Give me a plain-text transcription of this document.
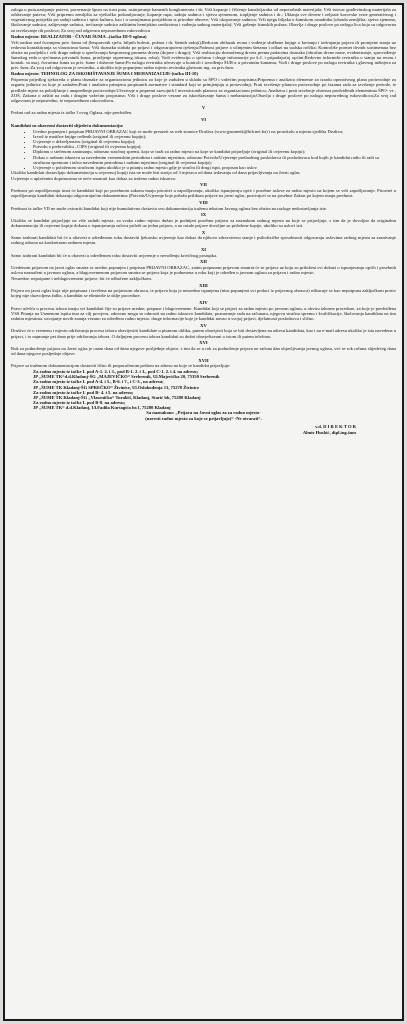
zaloga u putu,nasipanje puteva, poravnanje špura na trasi puta, usitnjavanje kamenih konglomerata i dr; Vrši kopanje i čišćenje kanala/jaraka od nepotrebnih materijala; Vrši istovar građevinskog materijala za održavanje puteva; Vrši pripremu zemljišta za vještačko pošumljavanje, kopanje rupa, sadnju sadnica i sjetvu sjemenom, trapljenje sadnica i dr.; Uklanja sve drvene i zeljaste korovske vrste generativnog i vegetativnog porijekla pri sadnji sadnica i njezi kultura, kao i u sastojinama porijeklom iz prirodne obnove; Vrši okopavanje sadnica; Vrši njegu biljaka u šumskom rasadniku (obrada zemljišta, sjetva sjemena, školovanje sadnica, zalijevanje sadnica, trećiranje sadnica zaštitnim hemijskim sredstvima i vađenja sadnog materijala); Vrši gašenje šumskih požara; Obavlja i druge poslove po nalogu lica koja su odgovorna za izvršavanje tih poslova; Za svoj rad odgovara neposrednom rukovodiocu

Radno mjesto: REALIZATOR - ČUVAR ŠUMA –(tačka III-9 oglasa)

Vrši nadzor nad čuvanjem priv. šuma od (bespravnih sječa, biljnih bolesti, požara i dr. štetnih radnji),Redovan obilazak reona i vođenje službene knjige o kretanju i izdvajanju pojava ili promjene stanja uz redovna kontaktiranja sa vlasnicima šuma; Vrši doznaku stabala po prijavi i odgovarajućem rješenju;Podnosi prijave o učinjenim štetama i odlazi na sudska ročišta; Kontroliše promet drvnih sortimenata bez obzira na porijeklo i vrši druge radnje u sprečavanju bespravnog prometa drveta (dojave i drugo); Vrši realizaciju doznačenog drveta prema podacima doznaka (obračun drvne mase, evidentiranje, sprovođenje šumskog reda u sjećinama privatnih šuma, pravljenje otpremnog iskaza, robu); Vodi evidenciju o sječama i druge informacije po k.č. i pripadajućoj općini;Redovno informiše revirnika o stanju na reonu i kontak. sa usuj. čuvarima šuma za priv. šume i državne šume;Po nalogu revirnika učestvuje u kontroli i izvođenju ŠUR-a u privatnim šumama; Vodi i druge poslove po nalogu revirnika i glavnog inžinjera za priv. šum.;Za svoj rad odgovoran je revirniku, a ukoliko nije popunjeno radno mjesto revirnika glavnom ing. za priv.šum.

Radno mjesto: TEHNOLOG ZA ISKORIŠTAVANJE ŠUMA I MEHANIZACIJE-(tačka III-10)

Priprema prijedlog sjekoreda o planu doznake za organizacionu jedinicu za koje je zadužen u skladu sa ŠPO i važećim propisima;Priprema i analizira elemente za izradu operativnog plana proizvodnje za organiz jedinice za koje je zadužen;Prati i analizira primjenu propisanih normative i standard koji se primjenjuju u proizvodnji; Prati izvršenje planova proizvodnje po fazama rada za izvršenje periode, te predlaže mjere za poboljšanje i unapređenje proizvodnje;Učestvuje u pripremi razvojnih I investicionih planova za organizacionu jedinicu; Analizira i prati izvršenje obaveza predviđenih elementima ŠPO- ve , ZOŠ, Zakona o zaštiti na radu i drugim važećim propisima; Vrši i druge poslove vezane za iskorištavanje šuma i mehanizaciju;Obavlja i druge poslove po nalogu neposrednog rukovodioca;Za svoj rad odgovoran je neposredno, te neposrednom rukovodiocu.

V

Probni rad za radna mjesta iz tačke I ovog Oglasa, nije predviđen.

VI

Kandidati su obavezni dostaviti slijedeću dokumentaciju:

• Uredno popunjen i potpisan PRIJAVNI OBRAZAC koji se može preuzeti sa web stranice Društva (www.jpsumetk@bih.net.ba) i na protokolu u mjestu sjedišta Društva;
• Izvod iz matične knjige rođenih (original ili ovjerenu kopiju);
• Uvjerenje o državljanstvu (original ili ovjerenu kopiju);
• Potvrdu o prebivalištu –CIPS (original ili ovjerena kopiju);
• Diplomu o stečenom zanimanju, odnosno stručnoj spremi, koja se traži za radno mjesto na koje se kandidat prijavljuje (original ili ovjerenu kopiju);
• Dokaz o radnom iskustvu sa navedenim vremenskim periodima i radnim mjestima, odnosno Potvrda/Uvjerenje prethodnog poslodavca ili poslodavaca kod kojih je kandidat radio ili radi sa stručnom spremom i tačno navedenim periodima i radnim mjestima (original ili ovjerena kopija);
• Uvjerenje o položenom stručnom ispitu ukoliko je u pitanju radno mjesto gdje je stručni ili drugi ispit, propisan kao uslov.

Ukoliko kandidati dostavljaju dokumentaciju u ovjerenoj kopiji ista ne može biti starija od 3 mjeseca od dana izdavanja od dana prijavljivanja na Javni oglas.

Uvjerenje o uplaćenim doprinosima se neće smatrati kao dokaz za traženo radno iskustvo.

VII

Prednost pri zapošljavanju imat će kandidati koji po posebnom zakonu imaju prioritet u zapošljavanju, ukoliko ispunjavaju opće i posebne uslove za radno mjesto na kojem se vrši zapošljavanje. Prioritet u zapošljavanju kandidati dokazuju odgovarajućim dokumentima (Potvrda/Uvjerenje koje prilažu prilikom prijave na javni oglas, pozivajući se na posebne Zakon po kojem imaju prednost.

VIII

Prednost iz tačke VII ne može ostvariti kandidat koji nije kumulativno dostavio svu dokumentaciju traženu tekstom Javnog oglasa bez obzira na razloge nedostavljanja iste.

IX

Ukoliko se kandidat prijavljuje na više radnih mjesta, za svako radno mjesto dužan je podnijeti posebnu prijavu za naznakom radnog mjesta na koje se prijavljuje, s tim da je dovoljno da originalnu dokumentaciju ili ovjerene kopije dokaza o ispunjavanju uslova priloži uz jednu prijavu, a uz ostale prijave dovoljne su priložene kopije, ukoliko su uslovi isti.

X

Samo izabrani kandidati bit će u obavezi u određenom roku dostaviti ljekarsko uvjerenje kao dokaz da njihovo zdravstveno stanje i psihofizičke sposobnosti odgovaraju uslovima radnog mjesta za zasnivanje radnog odnosa na konkretnom radnom mjestu.

XI

Samo izabrani kandidati bit će u obavezi u određenom roku dostaviti uvjerenje o nevođenju krivičnog postupka.

XII

Uredenom prijavom na javni oglas smatra se uredno popunjen i potpisan PRIJAVNI OBRAZAC, zatim potpunom prijavom smatrat će se prijava uz koju su priloženi svi dokazi o ispunjavanju općih i posebnih uslova naznačeni u javnom oglasu, a blagovremenom prijavom smatra se prijava koja je podnesena u roku koji je određen u javnom oglasu za prijavu i radno mjesto.

Neuredne, nepotpune i neblagovremeni prijave, bit će odbačene zaključkom.

XIII

Prijava na javni oglas koja nije potpisana i izvršena na prijavnom obrascu, te prijava koja je neuredno ispunjena (nisu popunjeni svi podaci iz prijavnog obrasca) odbacuje se kao nepotpuna zaključkom protiv kojeg nije dozvoljena žalba, a kandidat se eliminiše iz dalje procedure.

XIV

Pravo učešća u procesu izbora imaju svi kandidati čije su prijave uredne, potpune i blagovremene. Kandidat koji se prijavi za radno mjesto po javnom oglasu, u okviru izborne procedure, za koje je predviđena VSS Pitanja na Usmenom ispitu ima za cilj provjeru, odnosno mogu se odnositi na radno iskustvo kandidata, poznavanje rada na računaru, njegovu stručnu spremu i kvalifikacije, školovanja kandidata na tim radnim mjestima, usvajanje novih znanja vezano za određeno radno mjesto, druge informacije koje je kandidat navao u svojoj prijavi, djelatnosti poslodavca i slično.

XV

Društvo će o vremenu i mjestu održavanja procesa izbora obavijestiti kandidate u pisanom obliku, putem obavijesti koja se biti dostavljena na adresu kandidata, kao i na e-mail adresu ukoliko je ista navedena u prijavi, i to najmanje pet dana prije održavanja izbora. O daljnjem procesu izbora kandidati su dužni obavještavani o istom ili putem telefona.

XVI

Rok za podnošenje prijava na Javni oglas je osam dana od dana njegove posljednje objave, s tim da se u rok za podnošenje prijava ne računa dan objavljivanja javnog oglasa, već se rok računa slijedećeg dana od dana njegove posljednje objave.

XVII

Prijave sa traženom dokumentacijom dostaviti lično ili preporučenom poštom na adresu na koje se kandidat prijavljuje:

Za radno mjesto iz tačke I. pod A-1. 2. i 3., pod B-1. 2. i 3., pod C-1. 2. i 4. na adresu;

JP „ŠUME TK“d.d.Kladanj-ŠG „MAJEVIČKO“ Srebrenik, Ul.Majevička 20, 75350 Srebrenik

Za radno mjesto iz tačke I. pod A-4. i 5., B-6. i 7., i C-3., na adresu;

JP „ŠUME TK Kladanj-ŠG SPREČKO“ Živinice, Ul.Oslobođenja 13, 75270 Živinice

Za radno mjesto iz tačke I. pod B- 4. i 5. na adresu;

JP „ŠUME TK Kladanj-ŠG „Vlaseničko“ Turalići, Kladanj, Starić bb, 75280 Kladanj

Za radno mjesto iz tačke I. pod B-8. na adresu;

JP „ŠUME TK“ d.d.Kladanj, Ul.Fadila Kurtagića br.1, 75280 Kladanj

Sa naznakom: „Prijava na Javni oglas za za radno mjesto-

(navesti radno mjesto za koje se prijavljuje)“ -Ne otvarati“.

v.d. D I R E K T O R

Almir Huskić, dipl.ing.šum
